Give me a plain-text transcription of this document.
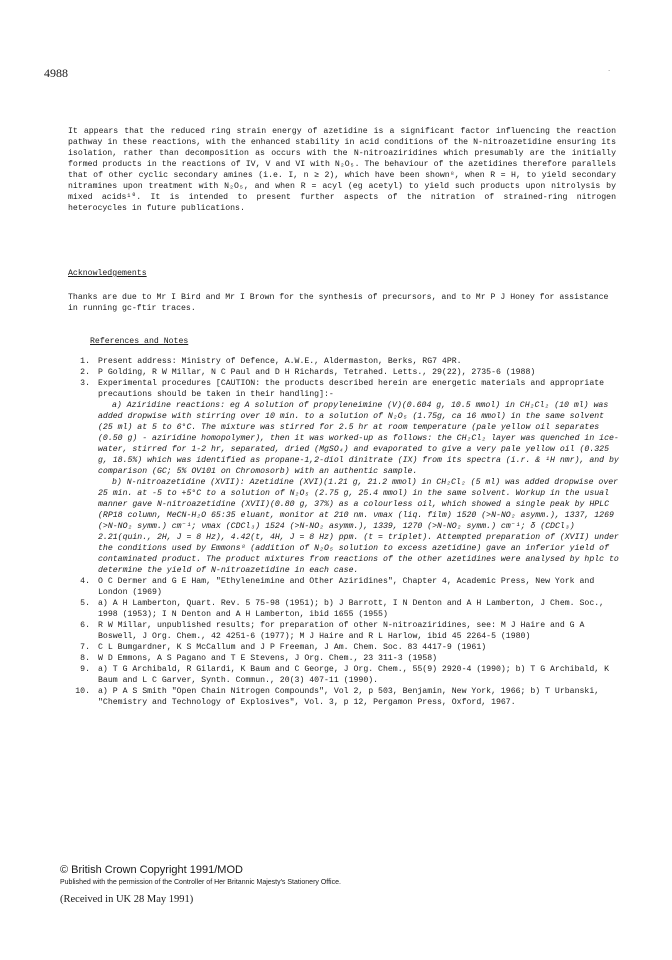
4988	.

It appears that the reduced ring strain energy of azetidine is a significant factor influencing the reaction pathway in these reactions, with the enhanced stability in acid conditions of the N-nitroazetidine ensuring its isolation, rather than decomposition as occurs with the N-nitroaziridines which presumably are the initially formed products in the reactions of IV, V and VI with N₂O₅. The behaviour of the azetidines therefore parallels that of other cyclic secondary amines (i.e. I, n ≥ 2), which have been shown⁸, when R = H, to yield secondary nitramines upon treatment with N₂O₅, and when R = acyl (eg acetyl) to yield such products upon nitrolysis by mixed acids¹⁰. It is intended to present further aspects of the nitration of strained-ring nitrogen heterocycles in future publications.

Acknowledgements

Thanks are due to Mr I Bird and Mr I Brown for the synthesis of precursors, and to Mr P J Honey for assistance in running gc-ftir traces.

References and Notes
1. Present address: Ministry of Defence, A.W.E., Aldermaston, Berks, RG7 4PR.
2. P Golding, R W Millar, N C Paul and D H Richards, Tetrahed. Letts., 29(22), 2735-6 (1988)
3. Experimental procedures [CAUTION: the products described herein are energetic materials and appropriate precautions should be taken in their handling]:-

a) Aziridine reactions: eg A solution of propyleneimine (V)(0.604 g, 10.5 mmol) in CH₂Cl₂ (10 ml) was added dropwise with stirring over 10 min. to a solution of N₂O₅ (1.75g, ca 16 mmol) in the same solvent (25 ml) at 5 to 6°C. The mixture was stirred for 2.5 hr at room temperature (pale yellow oil separates (0.50 g) - aziridine homopolymer), then it was worked-up as follows: the CH₂Cl₂ layer was quenched in ice-water, stirred for 1-2 hr, separated, dried (MgSO₄) and evaporated to give a very pale yellow oil (0.325 g, 18.5%) which was identified as propane-1,2-diol dinitrate (IX) from its spectra (i.r. & ¹H nmr), and by comparison (GC; 5% OV101 on Chromosorb) with an authentic sample.

b) N-nitroazetidine (XVII): Azetidine (XVI)(1.21 g, 21.2 mmol) in CH₂Cl₂ (5 ml) was added dropwise over 25 min. at -5 to +5°C to a solution of N₂O₅ (2.75 g, 25.4 mmol) in the same solvent. Workup in the usual manner gave N-nitroazetidine (XVII)(0.80 g, 37%) as a colourless oil, which showed a single peak by HPLC (RP18 column, MeCN-H₂O 65:35 eluant, monitor at 210 nm. νmax (liq. film) 1520 (>N-NO₂ asymm.), 1337, 1269 (>N-NO₂ symm.) cm⁻¹; νmax (CDCl₃) 1524 (>N-NO₂ asymm.), 1339, 1270 (>N-NO₂ symm.) cm⁻¹; δ (CDCl₃) 2.21(quin., 2H, J = 8 Hz), 4.42(t, 4H, J = 8 Hz) ppm. (t = triplet). Attempted preparation of (XVII) under the conditions used by Emmons⁸ (addition of N₂O₅ solution to excess azetidine) gave an inferior yield of contaminated product. The product mixtures from reactions of the other azetidines were analysed by hplc to determine the yield of N-nitroazetidine in each case.

4. O C Dermer and G E Ham, "Ethyleneimine and Other Aziridines", Chapter 4, Academic Press, New York and London (1969)
5. a) A H Lamberton, Quart. Rev. 5 75-98 (1951); b) J Barrott, I N Denton and A H Lamberton, J Chem. Soc., 1998 (1953); I N Denton and A H Lamberton, ibid 1655 (1955)
6. R W Millar, unpublished results; for preparation of other N-nitroaziridines, see: M J Haire and G A Boswell, J Org. Chem., 42 4251-6 (1977); M J Haire and R L Harlow, ibid 45 2264-5 (1980)
7. C L Bumgardner, K S McCallum and J P Freeman, J Am. Chem. Soc. 83 4417-9 (1961)
8. W D Emmons, A S Pagano and T E Stevens, J Org. Chem., 23 311-3 (1958)
9. a) T G Archibald, R Gilardi, K Baum and C George, J Org. Chem., 55(9) 2920-4 (1990); b) T G Archibald, K Baum and L C Garver, Synth. Commun., 20(3) 407-11 (1990).
10. a) P A S Smith "Open Chain Nitrogen Compounds", Vol 2, p 503, Benjamin, New York, 1966; b) T Urbanski, "Chemistry and Technology of Explosives", Vol. 3, p 12, Pergamon Press, Oxford, 1967.
© British Crown Copyright 1991/MOD
Published with the permission of the Controller of Her Britannic Majesty's Stationery Office.
(Received in UK 28 May 1991)
